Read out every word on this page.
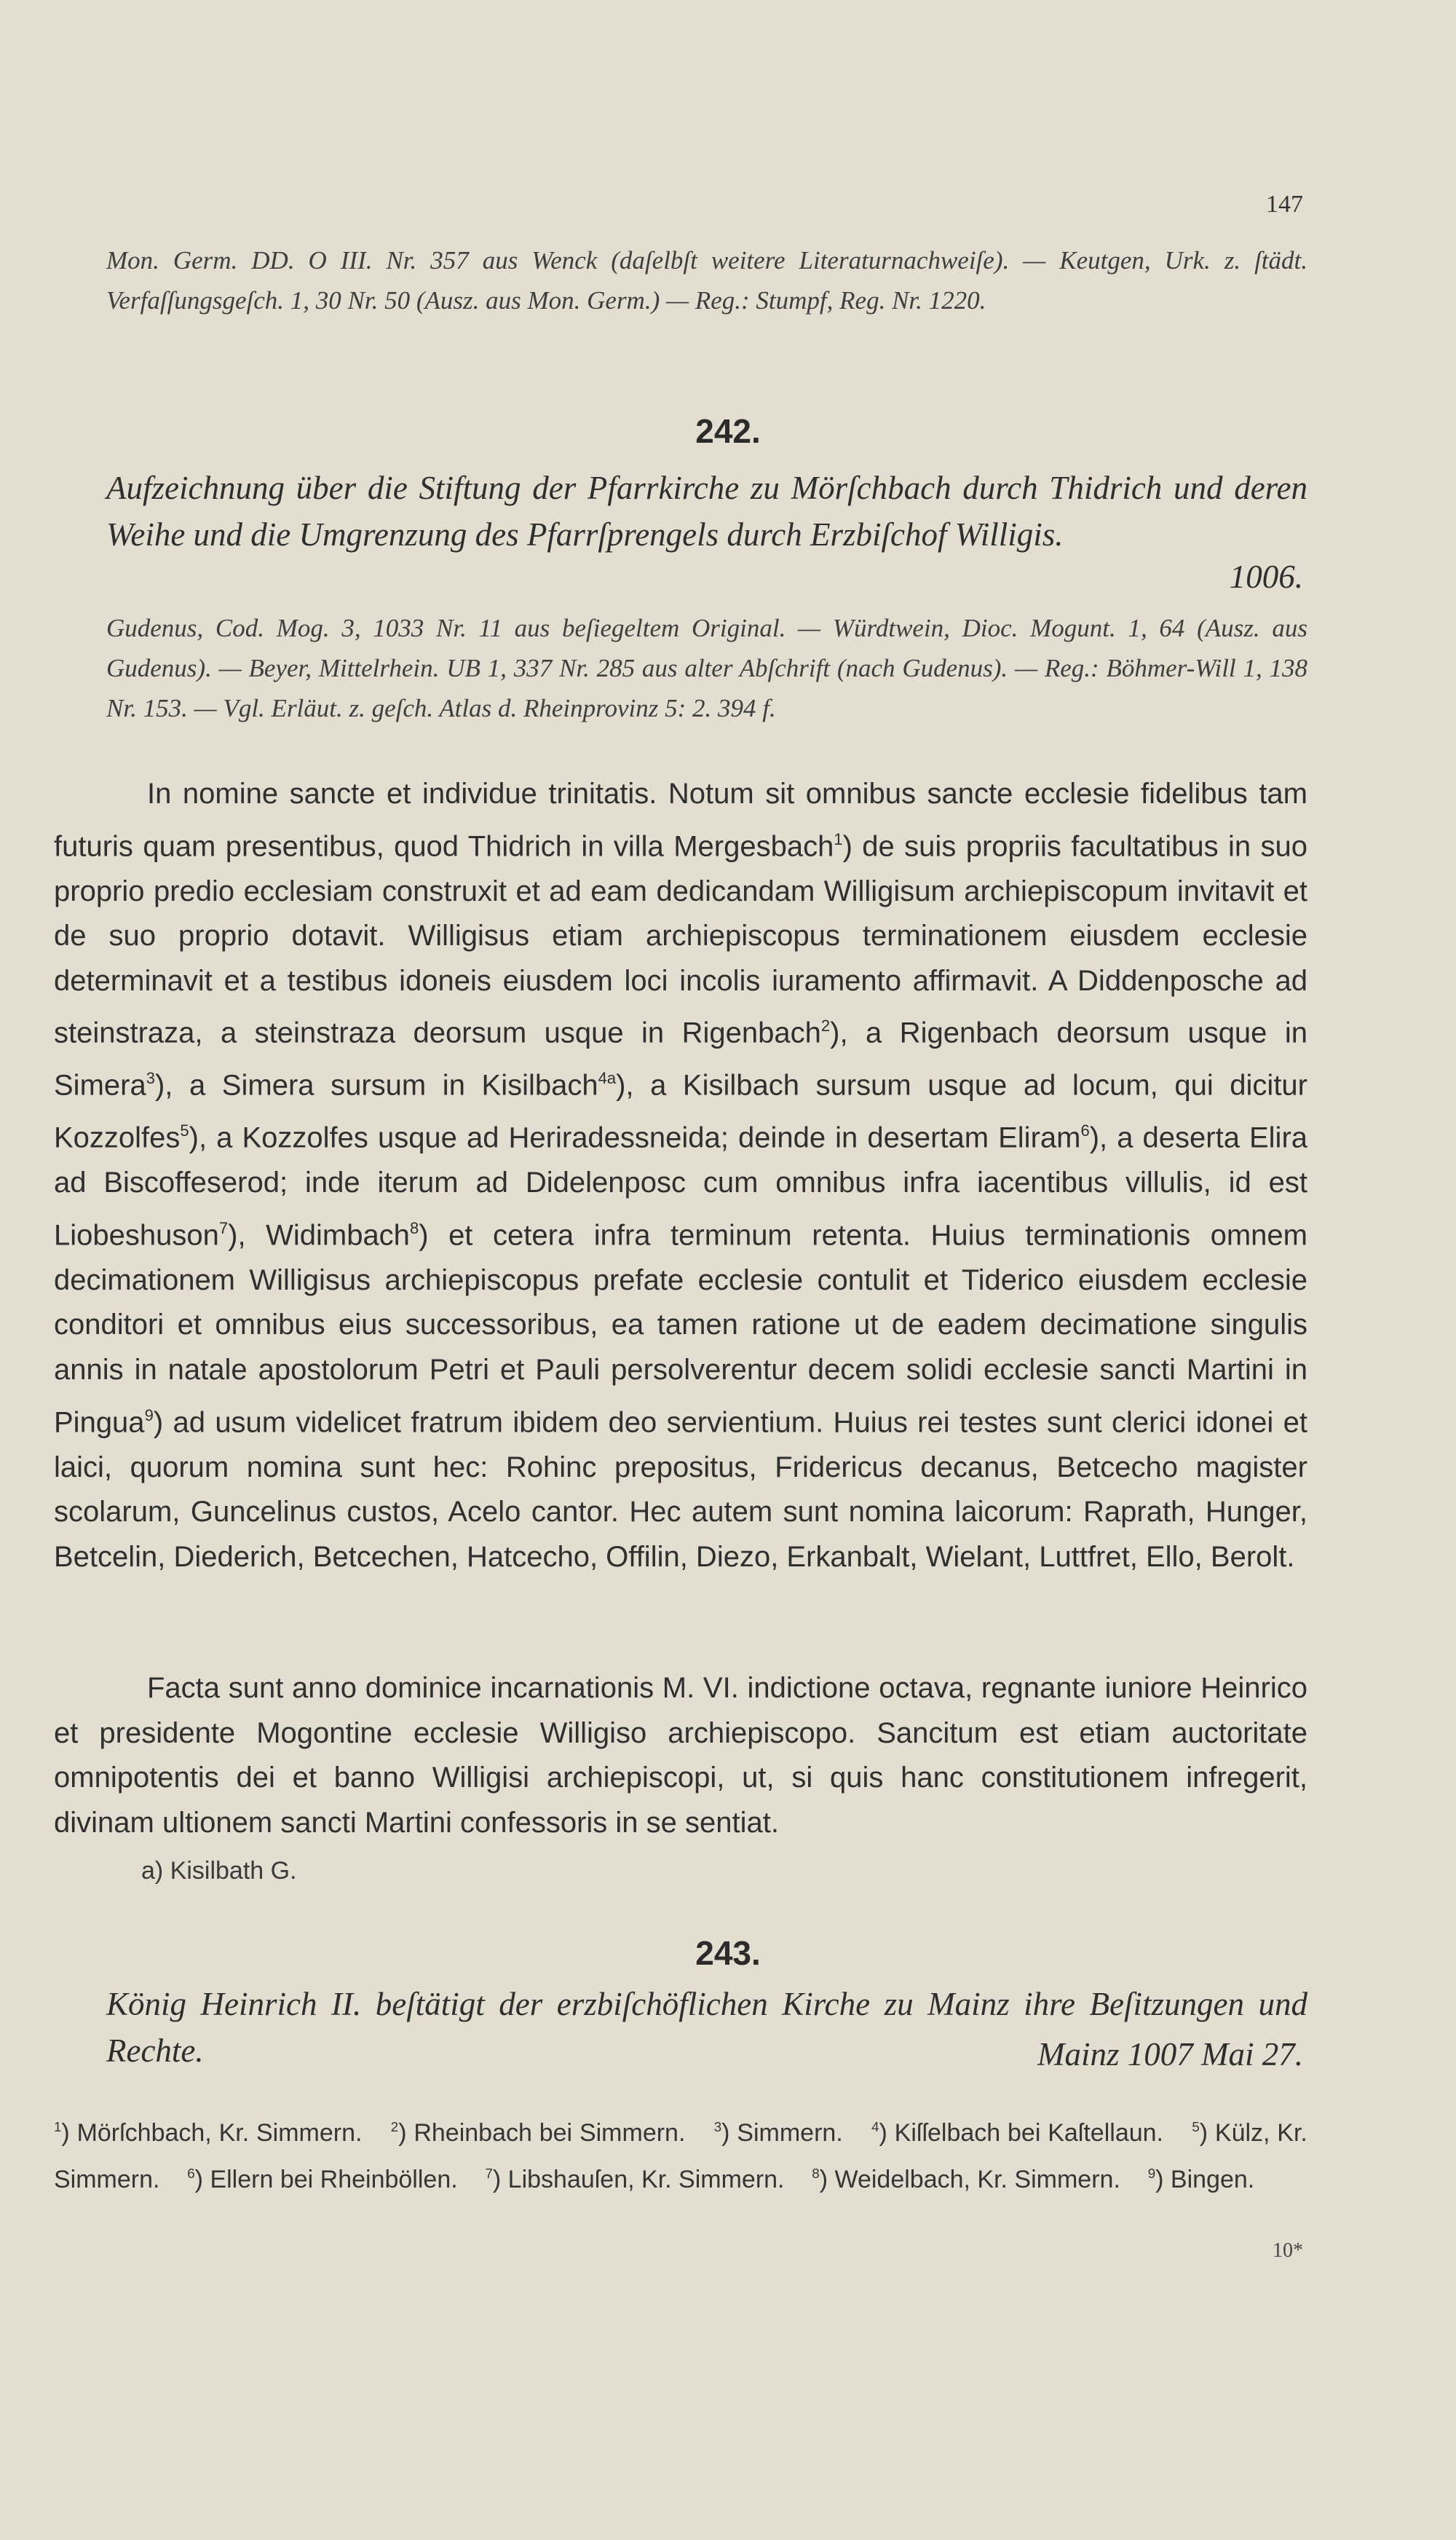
147
Mon. Germ. DD. O III. Nr. 357 aus Wenck (daſelbſt weitere Literaturnachweiſe). — Keutgen, Urk. z. ſtädt. Verfaſſungsgeſch. 1, 30 Nr. 50 (Ausz. aus Mon. Germ.) — Reg.: Stumpf, Reg. Nr. 1220.
242.
Aufzeichnung über die Stiftung der Pfarrkirche zu Mörſchbach durch Thidrich und deren Weihe und die Umgrenzung des Pfarrſprengels durch Erzbiſchof Willigis.
1006.
Gudenus, Cod. Mog. 3, 1033 Nr. 11 aus beſiegeltem Original. — Würdtwein, Dioc. Mogunt. 1, 64 (Ausz. aus Gudenus). — Beyer, Mittelrhein. UB 1, 337 Nr. 285 aus alter Abſchrift (nach Gudenus). — Reg.: Böhmer-Will 1, 138 Nr. 153. — Vgl. Erläut. z. geſch. Atlas d. Rheinprovinz 5: 2. 394 f.
In nomine sancte et individue trinitatis. Notum sit omnibus sancte ecclesie fidelibus tam futuris quam presentibus, quod Thidrich in villa Mergesbach$^1$) de suis propriis facultatibus in suo proprio predio ecclesiam construxit et ad eam dedicandam Willigisum archiepiscopum invitavit et de suo proprio dotavit. Willigisus etiam archiepiscopus terminationem eiusdem ecclesie determinavit et a testibus idoneis eiusdem loci incolis iuramento affirmavit. A Diddenposche ad steinstraza, a steinstraza deorsum usque in Rigenbach$^2$), a Rigenbach deorsum usque in Simera$^3$), a Simera sursum in Kisilbach$^{4a}$), a Kisilbach sursum usque ad locum, qui dicitur Kozzolfes$^5$), a Kozzolfes usque ad Heriradessneida; deinde in desertam Eliram$^6$), a deserta Elira ad Biscoffeserod; inde iterum ad Didelenposc cum omnibus infra iacentibus villulis, id est Liobeshuson$^7$), Widimbach$^8$) et cetera infra terminum retenta. Huius terminationis omnem decimationem Willigisus archiepiscopus prefate ecclesie contulit et Tiderico eiusdem ecclesie conditori et omnibus eius successoribus, ea tamen ratione ut de eadem decimatione singulis annis in natale apostolorum Petri et Pauli persolverentur decem solidi ecclesie sancti Martini in Pingua$^9$) ad usum videlicet fratrum ibidem deo servientium. Huius rei testes sunt clerici idonei et laici, quorum nomina sunt hec: Rohinc prepositus, Fridericus decanus, Betcecho magister scolarum, Guncelinus custos, Acelo cantor. Hec autem sunt nomina laicorum: Raprath, Hunger, Betcelin, Diederich, Betcechen, Hatcecho, Offilin, Diezo, Erkanbalt, Wielant, Luttfret, Ello, Berolt.
Facta sunt anno dominice incarnationis M. VI. indictione octava, regnante iuniore Heinrico et presidente Mogontine ecclesie Willigiso archiepiscopo. Sancitum est etiam auctoritate omnipotentis dei et banno Willigisi archiepiscopi, ut, si quis hanc constitutionem infregerit, divinam ultionem sancti Martini confessoris in se sentiat.
a) Kisilbath G.
243.
König Heinrich II. beſtätigt der erzbiſchöflichen Kirche zu Mainz ihre Beſitzungen und Rechte.	Mainz 1007 Mai 27.
$^1$) Mörſchbach, Kr. Simmern. $^2$) Rheinbach bei Simmern. $^3$) Simmern. $^4$) Kiſſelbach bei Kaſtellaun. $^5$) Külz, Kr. Simmern. $^6$) Ellern bei Rheinböllen. $^7$) Libshauſen, Kr. Simmern. $^8$) Weidelbach, Kr. Simmern. $^9$) Bingen.
10*
